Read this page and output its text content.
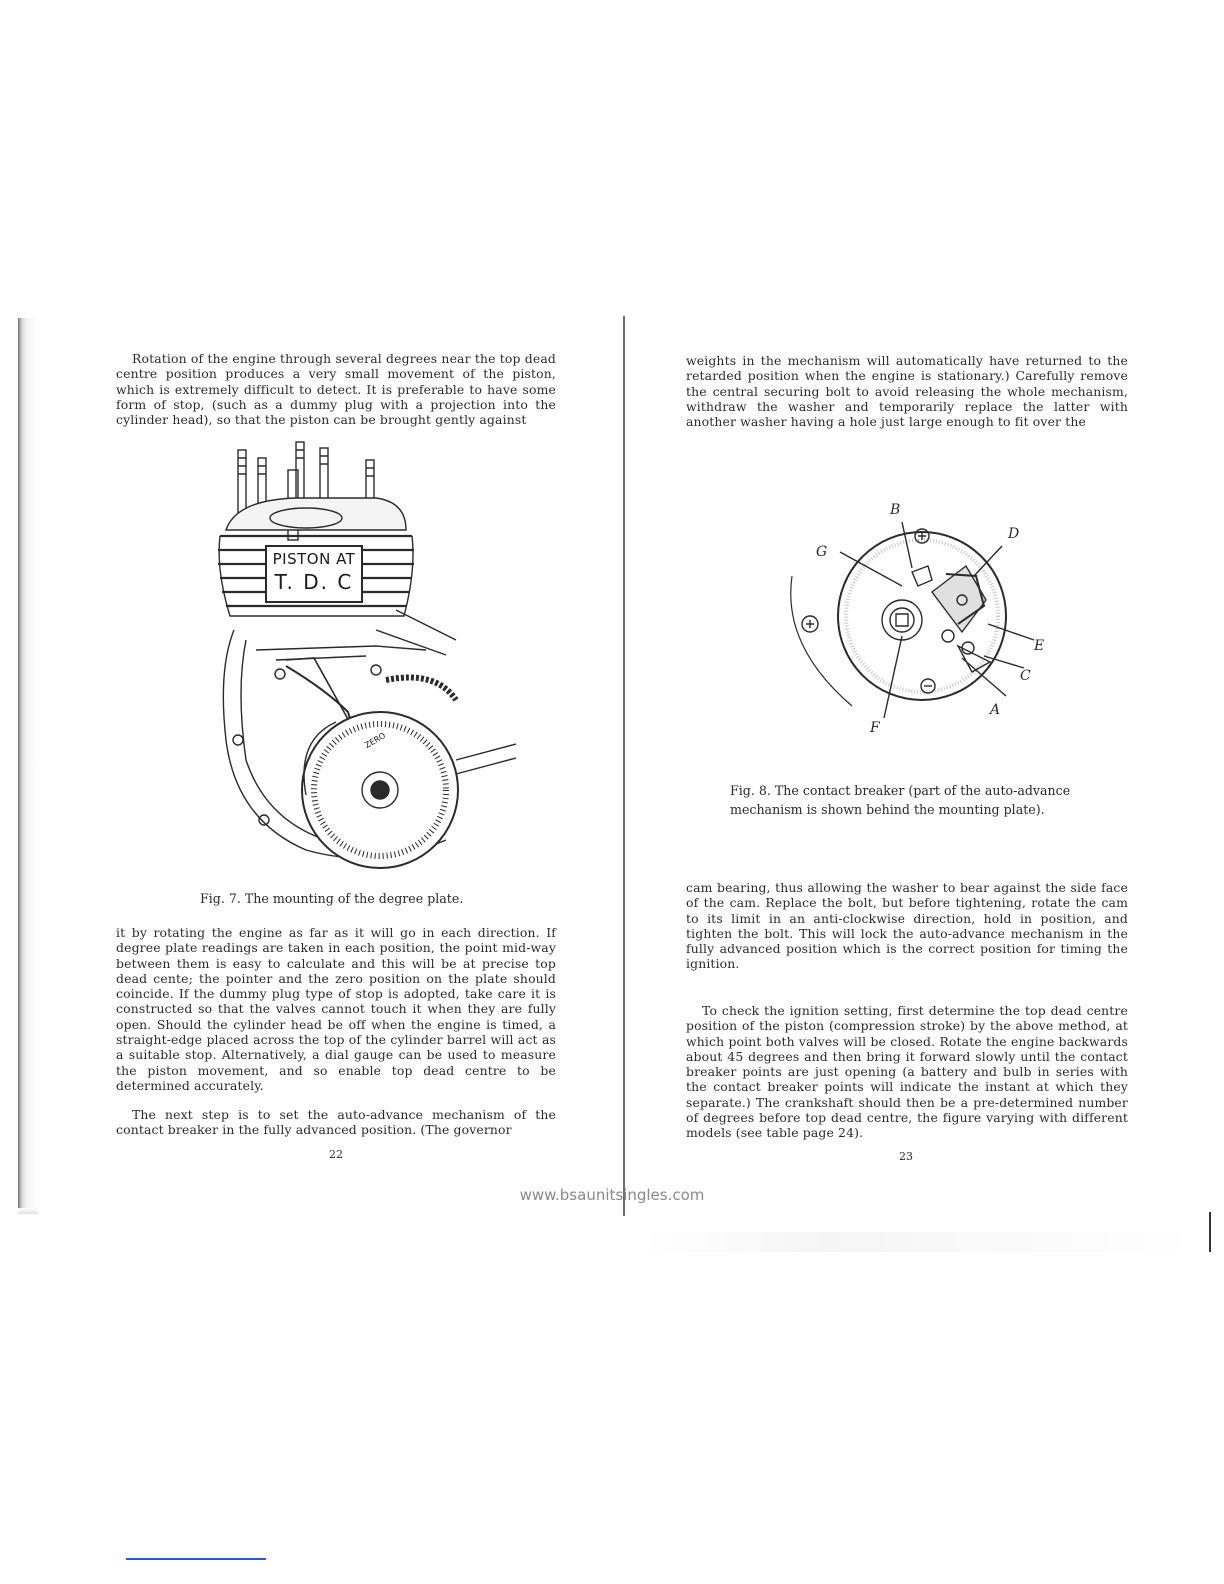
Rotation of the engine through several degrees near the top dead centre position produces a very small movement of the piston, which is extremely difficult to detect. It is preferable to have some form of stop, (such as a dummy plug with a projection into the cylinder head), so that the piston can be brought gently against

PISTON AT
T. D. C
ZERO
Fig. 7. The mounting of the degree plate.

it by rotating the engine as far as it will go in each direction. If degree plate readings are taken in each position, the point mid-way between them is easy to calculate and this will be at precise top dead cente; the pointer and the zero position on the plate should coincide. If the dummy plug type of stop is adopted, take care it is constructed so that the valves cannot touch it when they are fully open. Should the cylinder head be off when the engine is timed, a straight-edge placed across the top of the cylinder barrel will act as a suitable stop. Alternatively, a dial gauge can be used to measure the piston movement, and so enable top dead centre to be determined accurately.

The next step is to set the auto-advance mechanism of the contact breaker in the fully advanced position. (The governor

22

weights in the mechanism will automatically have returned to the retarded position when the engine is stationary.) Carefully remove the central securing bolt to avoid releasing the whole mechanism, withdraw the washer and temporarily replace the latter with another washer having a hole just large enough to fit over the

B
G
D
E
C
A
F
Fig. 8. The contact breaker (part of the auto-advance
mechanism is shown behind the mounting plate).

cam bearing, thus allowing the washer to bear against the side face of the cam. Replace the bolt, but before tightening, rotate the cam to its limit in an anti-clockwise direction, hold in position, and tighten the bolt. This will lock the auto-advance mechanism in the fully advanced position which is the correct position for timing the ignition.

To check the ignition setting, first determine the top dead centre position of the piston (compression stroke) by the above method, at which point both valves will be closed. Rotate the engine backwards about 45 degrees and then bring it forward slowly until the contact breaker points are just opening (a battery and bulb in series with the contact breaker points will indicate the instant at which they separate.) The crankshaft should then be a pre-determined number of degrees before top dead centre, the figure varying with different models (see table page 24).

23
www.bsaunitsingles.com
